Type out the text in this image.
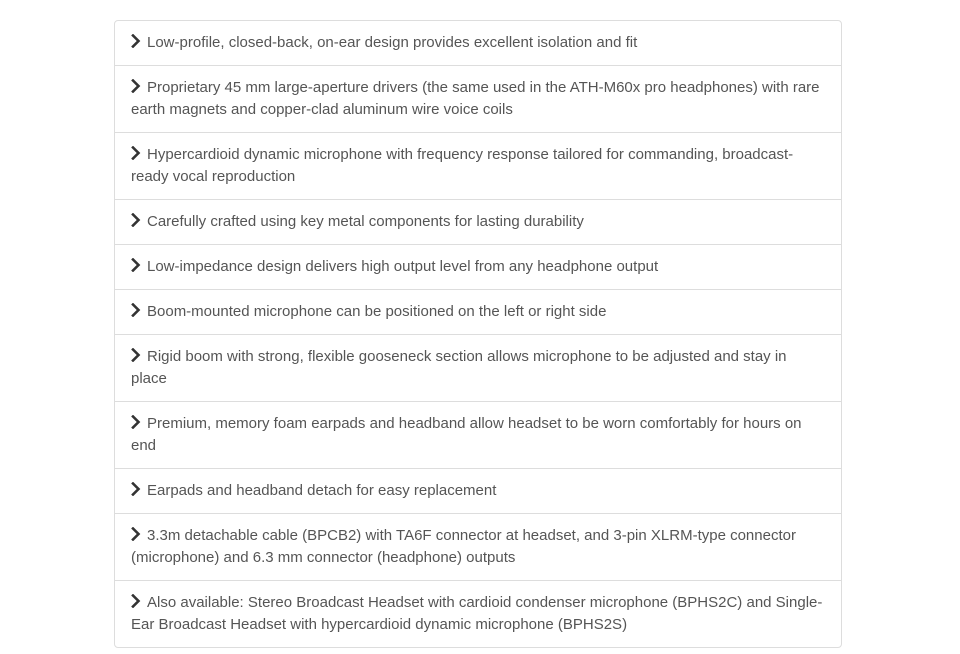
Low-profile, closed-back, on-ear design provides excellent isolation and fit
Proprietary 45 mm large-aperture drivers (the same used in the ATH-M60x pro headphones) with rare earth magnets and copper-clad aluminum wire voice coils
Hypercardioid dynamic microphone with frequency response tailored for commanding, broadcast-ready vocal reproduction
Carefully crafted using key metal components for lasting durability
Low-impedance design delivers high output level from any headphone output
Boom-mounted microphone can be positioned on the left or right side
Rigid boom with strong, flexible gooseneck section allows microphone to be adjusted and stay in place
Premium, memory foam earpads and headband allow headset to be worn comfortably for hours on end
Earpads and headband detach for easy replacement
3.3m detachable cable (BPCB2) with TA6F connector at headset, and 3-pin XLRM-type connector (microphone) and 6.3 mm connector (headphone) outputs
Also available: Stereo Broadcast Headset with cardioid condenser microphone (BPHS2C) and Single-Ear Broadcast Headset with hypercardioid dynamic microphone (BPHS2S)
